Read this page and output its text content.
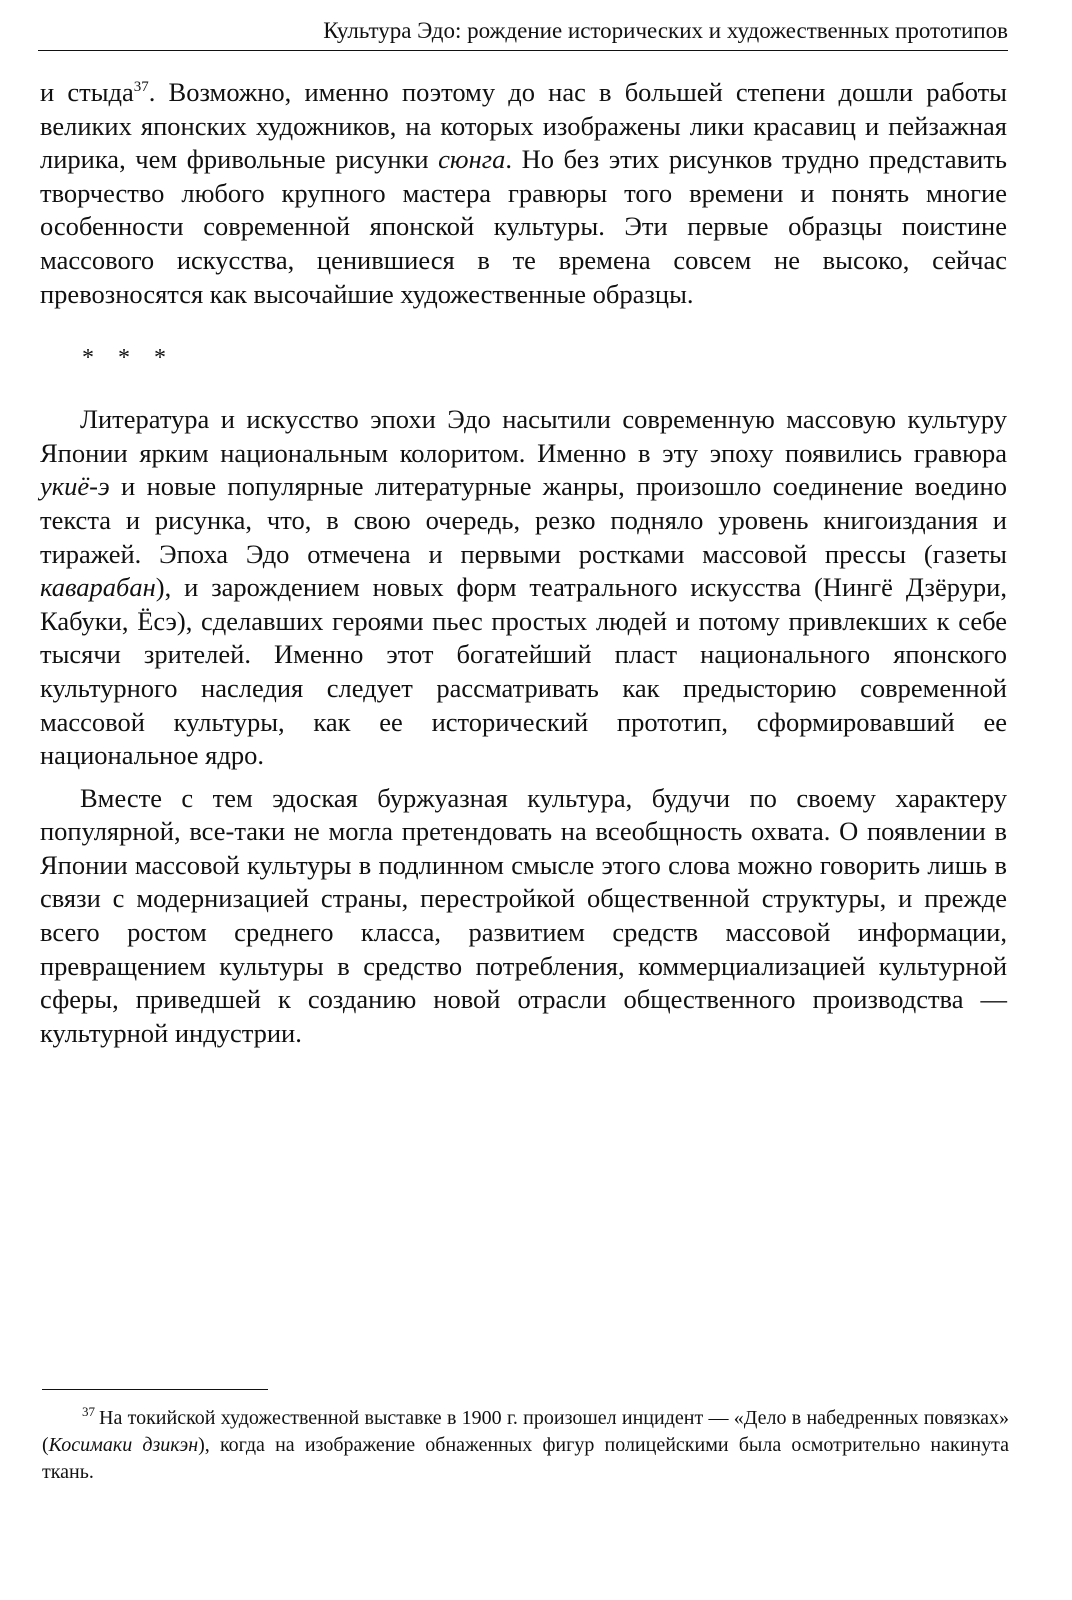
Культура Эдо: рождение исторических и художественных прототипов

и стыда$^{37}$. Возможно, именно поэтому до нас в большей степени дошли работы великих японских художников, на которых изображены лики красавиц и пейзажная лирика, чем фривольные рисунки сюнга. Но без этих рисунков трудно представить творчество любого крупного мастера гравюры того времени и понять многие особенности современной японской культуры. Эти первые образцы поистине массового искусства, ценившиеся в те времена совсем не высоко, сейчас превозносятся как высочайшие художественные образцы.

* * *

Литература и искусство эпохи Эдо насытили современную массовую культуру Японии ярким национальным колоритом. Именно в эту эпоху появились гравюра укиё-э и новые популярные литературные жанры, произошло соединение воедино текста и рисунка, что, в свою очередь, резко подняло уровень книгоиздания и тиражей. Эпоха Эдо отмечена и первыми ростками массовой прессы (газеты каварабан), и зарождением новых форм театрального искусства (Нингё Дзёрури, Кабуки, Ёсэ), сделавших героями пьес простых людей и потому привлекших к себе тысячи зрителей. Именно этот богатейший пласт национального японского культурного наследия следует рассматривать как предысторию современной массовой культуры, как ее исторический прототип, сформировавший ее национальное ядро.

Вместе с тем эдоская буржуазная культура, будучи по своему характеру популярной, все-таки не могла претендовать на всеобщность охвата. О появлении в Японии массовой культуры в подлинном смысле этого слова можно говорить лишь в связи с модернизацией страны, перестройкой общественной структуры, и прежде всего ростом среднего класса, развитием средств массовой информации, превращением культуры в средство потребления, коммерциализацией культурной сферы, приведшей к созданию новой отрасли общественного производства — культурной индустрии.

$^{37}$ На токийской художественной выставке в 1900 г. произошел инцидент — «Дело в набедренных повязках» (Косимаки дзикэн), когда на изображение обнаженных фигур полицейскими была осмотрительно накинута ткань.
